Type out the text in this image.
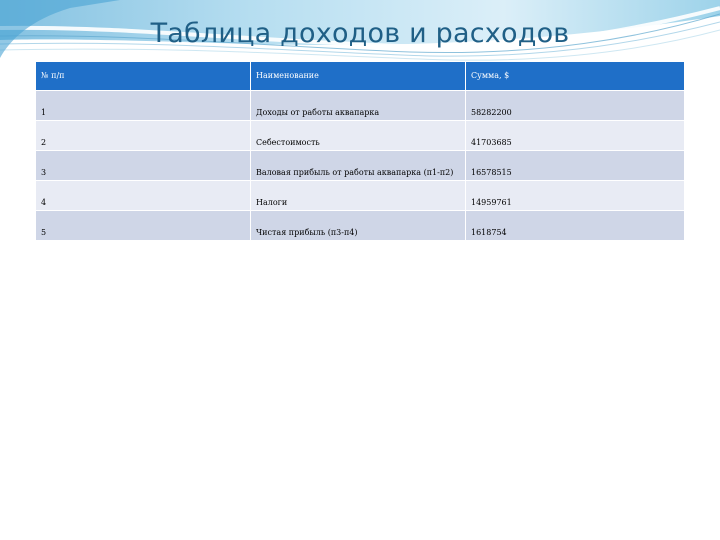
Таблица доходов и расходов
№ п/п	Наименование	Сумма, $
1	Доходы от работы аквапарка	58282200
2	Себестоимость	41703685
3	Валовая прибыль от работы аквапарка (п1-п2)	16578515
4	Налоги	14959761
5	Чистая прибыль (п3-п4)	1618754
